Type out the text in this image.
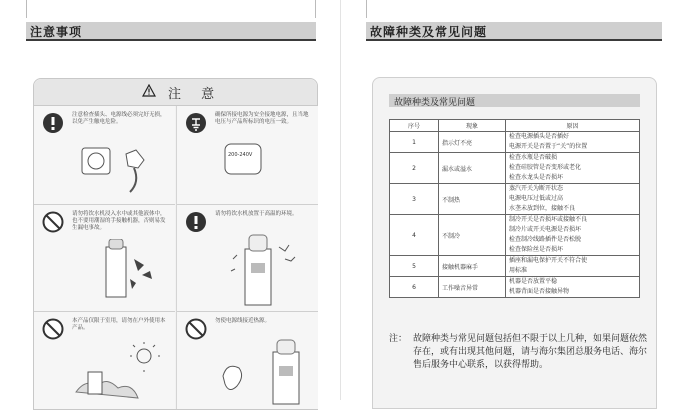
注意事项
注 意
注意检查插头、电源线必须完好无损，以免产生触电危险。
确保所接电源为安全接地电源，且当地电压与产品所标识的电压一致。
200-240V
请勿将饮水机浸入水中或其他液体中，也不要用潮湿的手接触机器，否则易发生漏电事故。
请勿将饮水机放置于高温的环境。
本产品仅限于室用，请勿在户外使用本产品。
勿使电源线接近热源。
故障种类及常见问题
故障种类及常见问题
序号	现象	原因
1	指示灯不亮	检查电源插头是否插好
电源开关是否置于“关”的位置

2	漏水或溢水	检查水瓶是否破损
检查硅胶管是否变形或老化
检查水龙头是否损坏

3	不制热	蒸汽开关为断开状态
电源电压过低或过高
水垄未放到位，接触不良

4	不制冷	制冷开关是否损坏或接触不良
制冷片或开关电源是否损坏
检查制冷线路插件是否松脱
检查保险丝是否损坏

5	接触机器麻手	插座和漏电保护开关不符合使
用标准

6	工作噪音异常	机器是否放置平稳
机器背面是否接触异物
注： 故障种类与常见问题包括但不限于以上几种，如果问题依然存在，或有出现其他问题，请与海尔集团总服务电话、海尔售后服务中心联系，以获得帮助。
